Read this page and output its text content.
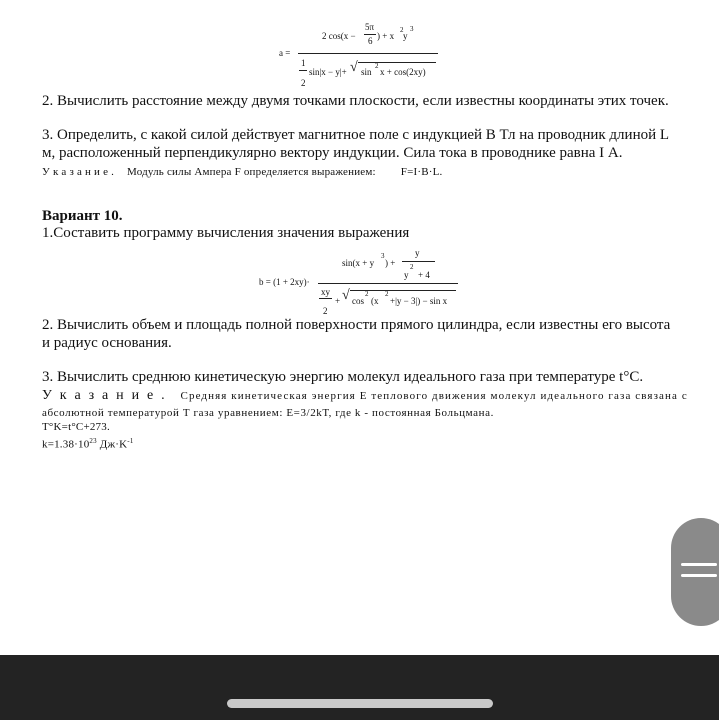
a =
2 cos(x −
5π
6 ) + x
2
y
3
1
2
sin|x − y|+ √ sin
2
x + cos(2xy)
2. Вычислить расстояние между двумя точками плоскости, если известны координаты этих точек.
3. Определить, с какой силой действует магнитное поле с индукцией В Тл на проводник длиной L
м, расположенный перпендикулярно вектору индукции. Сила тока в проводнике равна I А.
У к а з а н и е . Модуль силы Ампера F определяется выражением: F=I·B·L.
Вариант 10.
1.Составить программу вычисления значения выражения
b = (1 + 2xy)·
sin(x + y
3
) +
y
y
2
+ 4
xy
2
+ √ cos
2
(x
2
+|y − 3|) − sin x
2. Вычислить объем и площадь полной поверхности прямого цилиндра, если известны его высота
и радиус основания.
3. Вычислить среднюю кинетическую энергию молекул идеального газа при температуре t°C.
У к а з а н и е . Средняя кинетическая энергия Е теплового движения молекул идеального газа связана с
абсолютной температурой Т газа уравнением: Е=3/2kТ, где k - постоянная Больцмана.
T°K=t°C+273.
$k=1.38\cdot 10^{23}$ $Дж\cdot K^{-1}$
